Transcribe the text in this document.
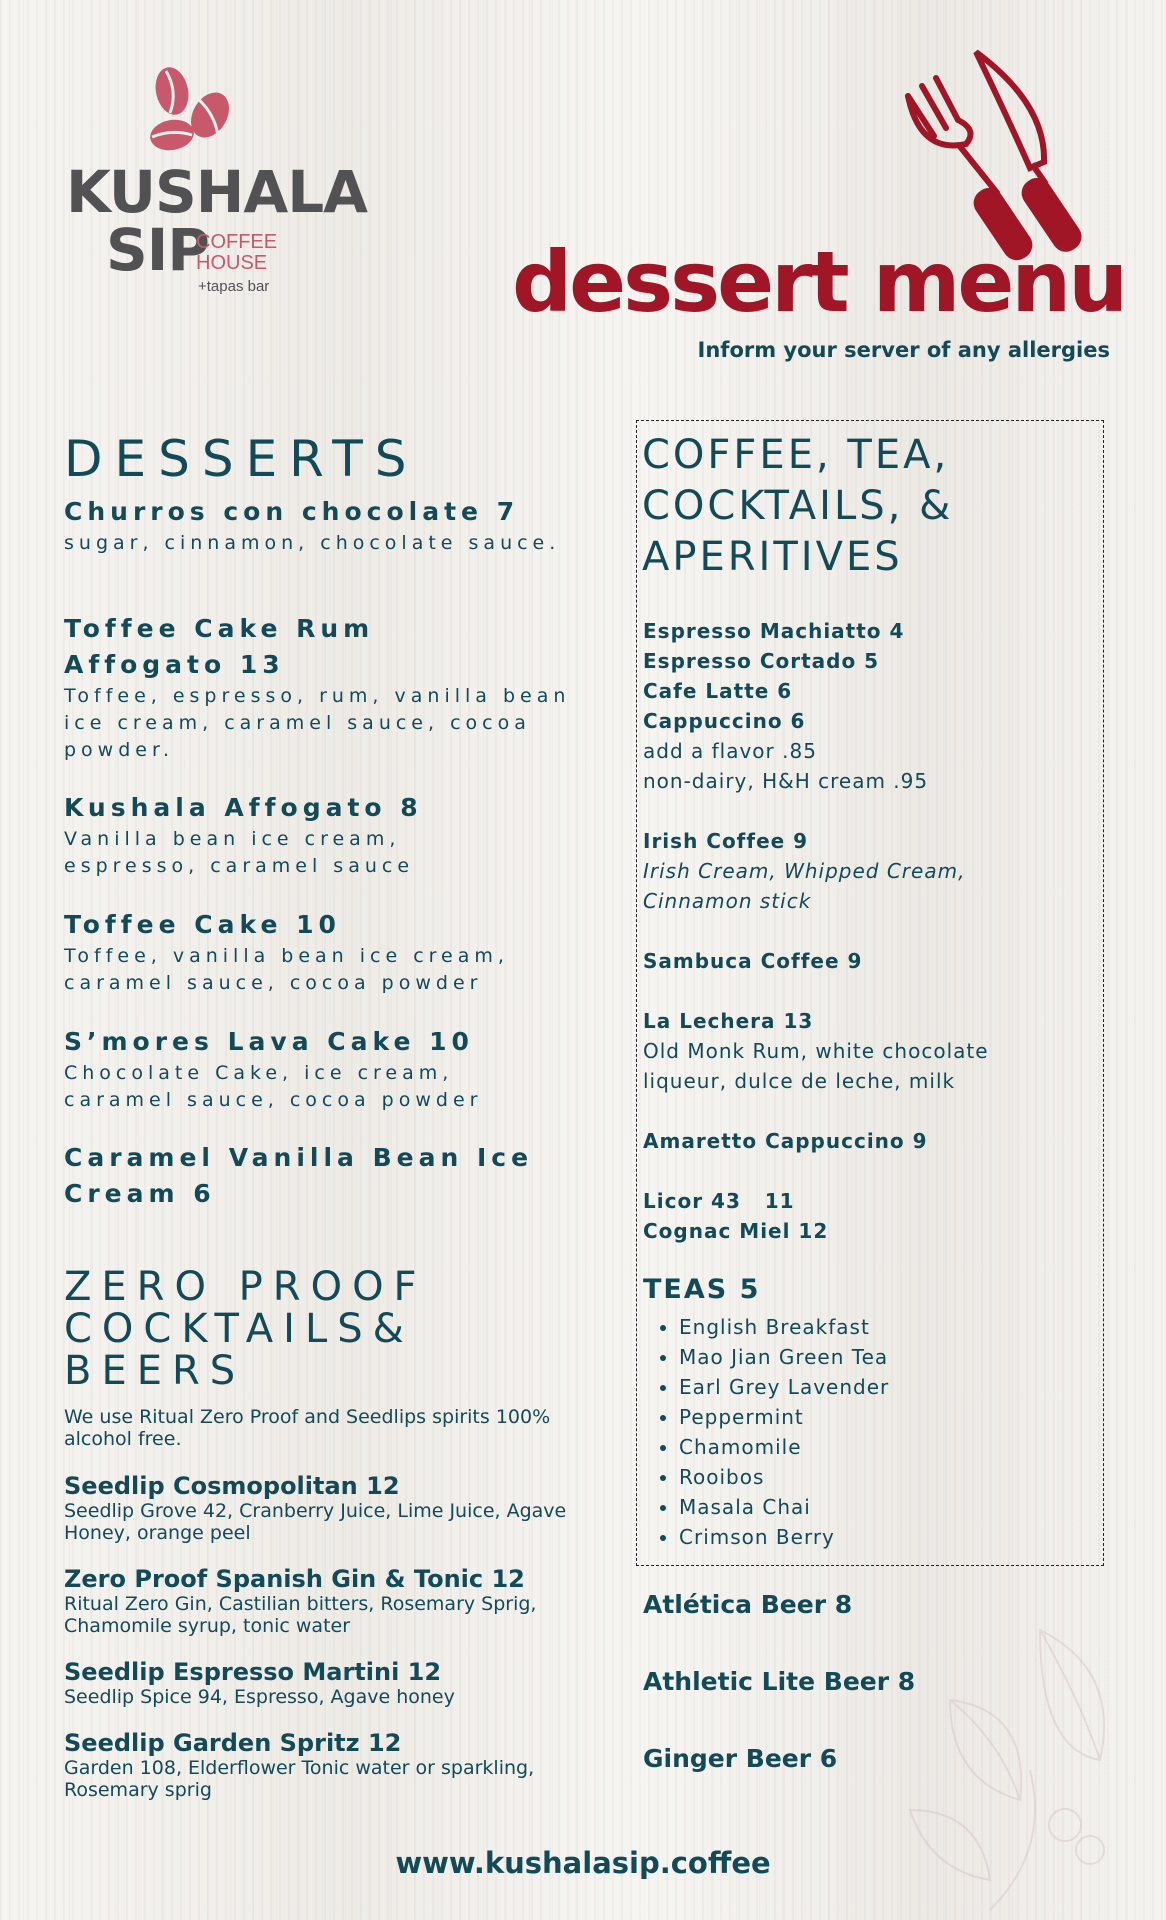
KUSHALA
SIP
COFFEE
HOUSE
+tapas bar	dessert menu
Inform your server of any allergies
DESSERTS
Churros con chocolate 7
sugar, cinnamon, chocolate sauce.
Toffee Cake Rum Affogato 13
Toffee, espresso, rum, vanilla bean ice cream, caramel sauce, cocoa powder.
Kushala Affogato 8
Vanilla bean ice cream, espresso, caramel sauce
Toffee Cake 10
Toffee, vanilla bean ice cream, caramel sauce, cocoa powder
S’mores Lava Cake 10
Chocolate Cake, ice cream, caramel sauce, cocoa powder
Caramel Vanilla Bean Ice Cream 6
ZERO PROOF COCKTAILS& BEERS
We use Ritual Zero Proof and Seedlips spirits 100% alcohol free.
Seedlip Cosmopolitan 12
Seedlip Grove 42, Cranberry Juice, Lime Juice, Agave Honey, orange peel
Zero Proof Spanish Gin & Tonic 12
Ritual Zero Gin, Castilian bitters, Rosemary Sprig, Chamomile syrup, tonic water
Seedlip Espresso Martini 12
Seedlip Spice 94, Espresso, Agave honey
Seedlip Garden Spritz 12
Garden 108, Elderflower Tonic water or sparkling, Rosemary sprig
COFFEE, TEA, COCKTAILS, & APERITIVES
Espresso Machiatto 4
Espresso Cortado 5
Cafe Latte 6
Cappuccino 6
add a flavor .85
non-dairy, H&H cream .95
Irish Coffee 9
Irish Cream, Whipped Cream,
Cinnamon stick
Sambuca Coffee 9
La Lechera 13
Old Monk Rum, white chocolate
liqueur, dulce de leche, milk
Amaretto Cappuccino 9
Licor 43   11
Cognac Miel 12
TEAS 5
• English Breakfast
• Mao Jian Green Tea
• Earl Grey Lavender
• Peppermint
• Chamomile
• Rooibos
• Masala Chai
• Crimson Berry
Atlética Beer 8
Athletic Lite Beer 8
Ginger Beer 6
www.kushalasip.coffee
